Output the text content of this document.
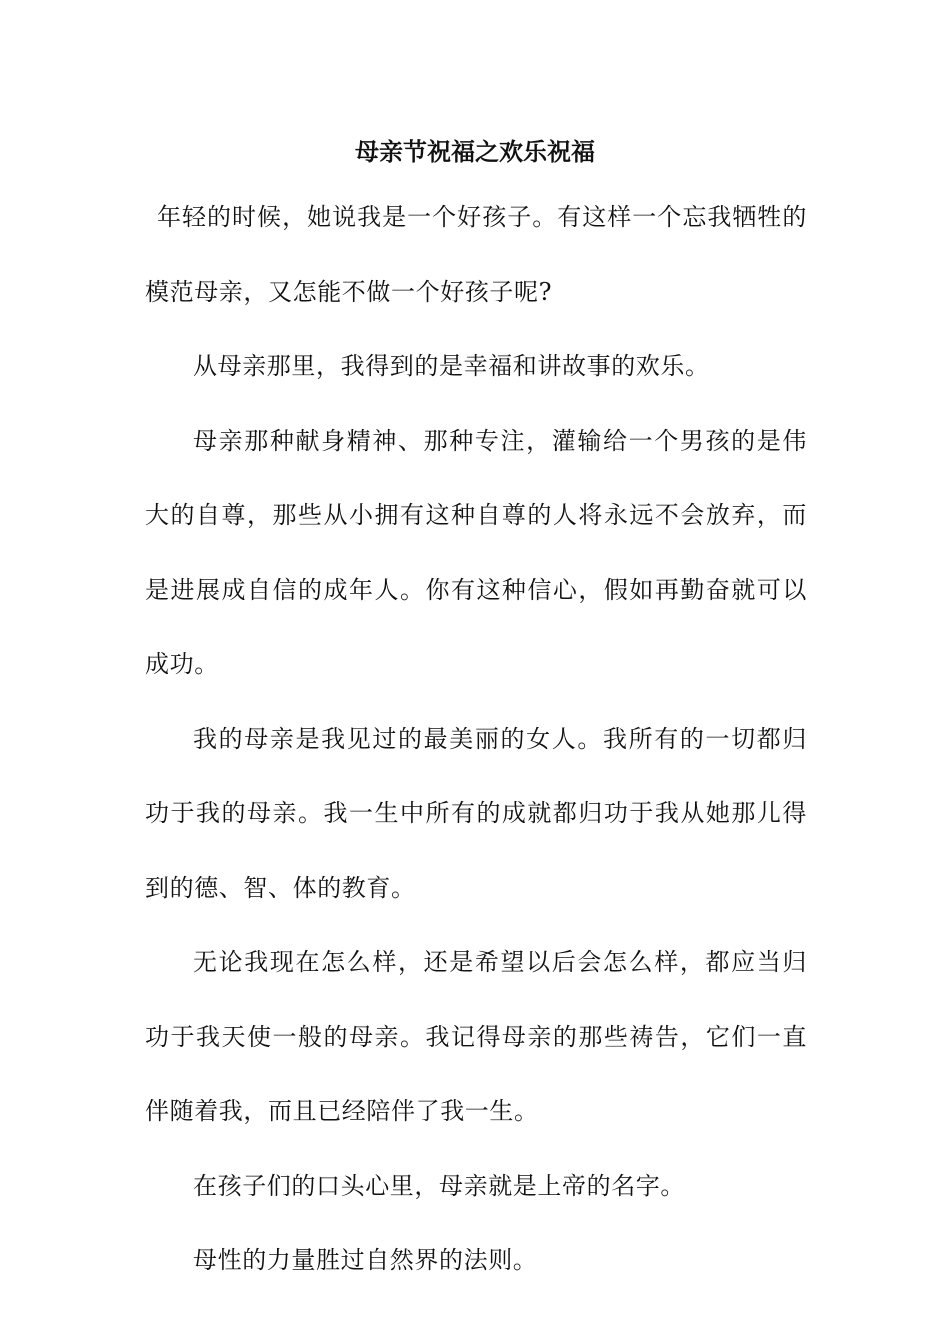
母亲节祝福之欢乐祝福

年轻的时候，她说我是一个好孩子。有这样一个忘我牺牲的模范母亲，又怎能不做一个好孩子呢?

从母亲那里，我得到的是幸福和讲故事的欢乐。

母亲那种献身精神、那种专注，灌输给一个男孩的是伟大的自尊，那些从小拥有这种自尊的人将永远不会放弃，而是进展成自信的成年人。你有这种信心，假如再勤奋就可以成功。

我的母亲是我见过的最美丽的女人。我所有的一切都归功于我的母亲。我一生中所有的成就都归功于我从她那儿得到的德、智、体的教育。

无论我现在怎么样，还是希望以后会怎么样，都应当归功于我天使一般的母亲。我记得母亲的那些祷告，它们一直伴随着我，而且已经陪伴了我一生。

在孩子们的口头心里，母亲就是上帝的名字。

母性的力量胜过自然界的法则。
